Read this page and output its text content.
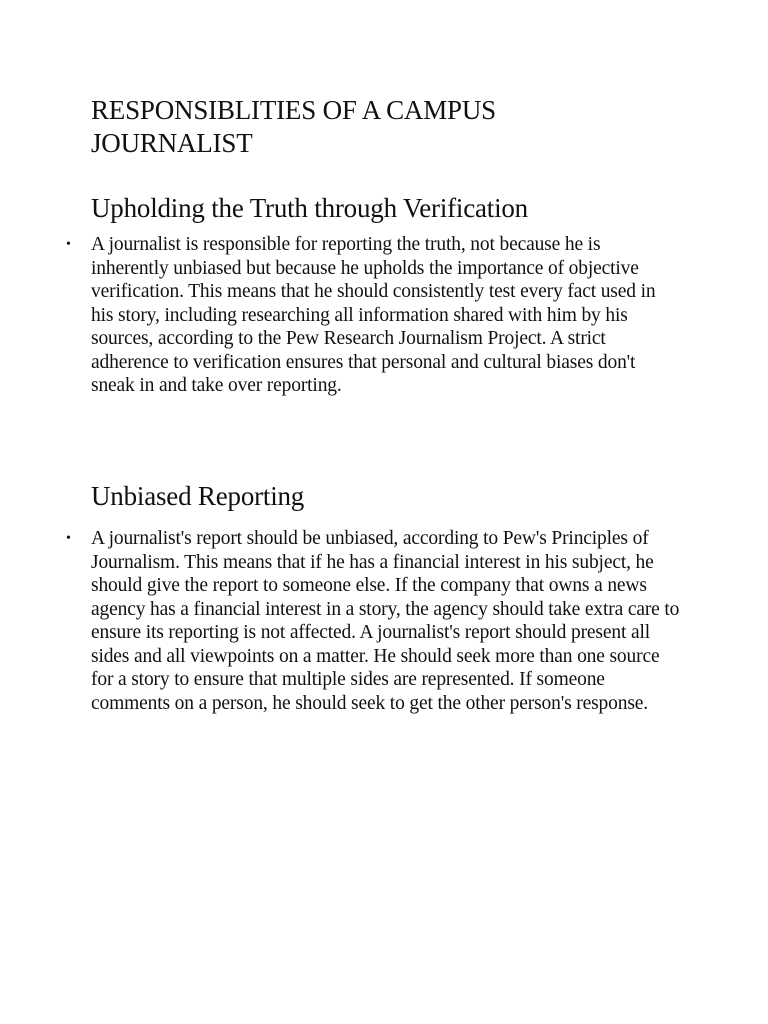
RESPONSIBLITIES OF A CAMPUS JOURNALIST
Upholding the Truth through Verification
• A journalist is responsible for reporting the truth, not because he is inherently unbiased but because he upholds the importance of objective verification. This means that he should consistently test every fact used in his story, including researching all information shared with him by his sources, according to the Pew Research Journalism Project. A strict adherence to verification ensures that personal and cultural biases don't sneak in and take over reporting.
Unbiased Reporting
• A journalist's report should be unbiased, according to Pew's Principles of Journalism. This means that if he has a financial interest in his subject, he should give the report to someone else. If the company that owns a news agency has a financial interest in a story, the agency should take extra care to ensure its reporting is not affected. A journalist's report should present all sides and all viewpoints on a matter. He should seek more than one source for a story to ensure that multiple sides are represented. If someone comments on a person, he should seek to get the other person's response.
